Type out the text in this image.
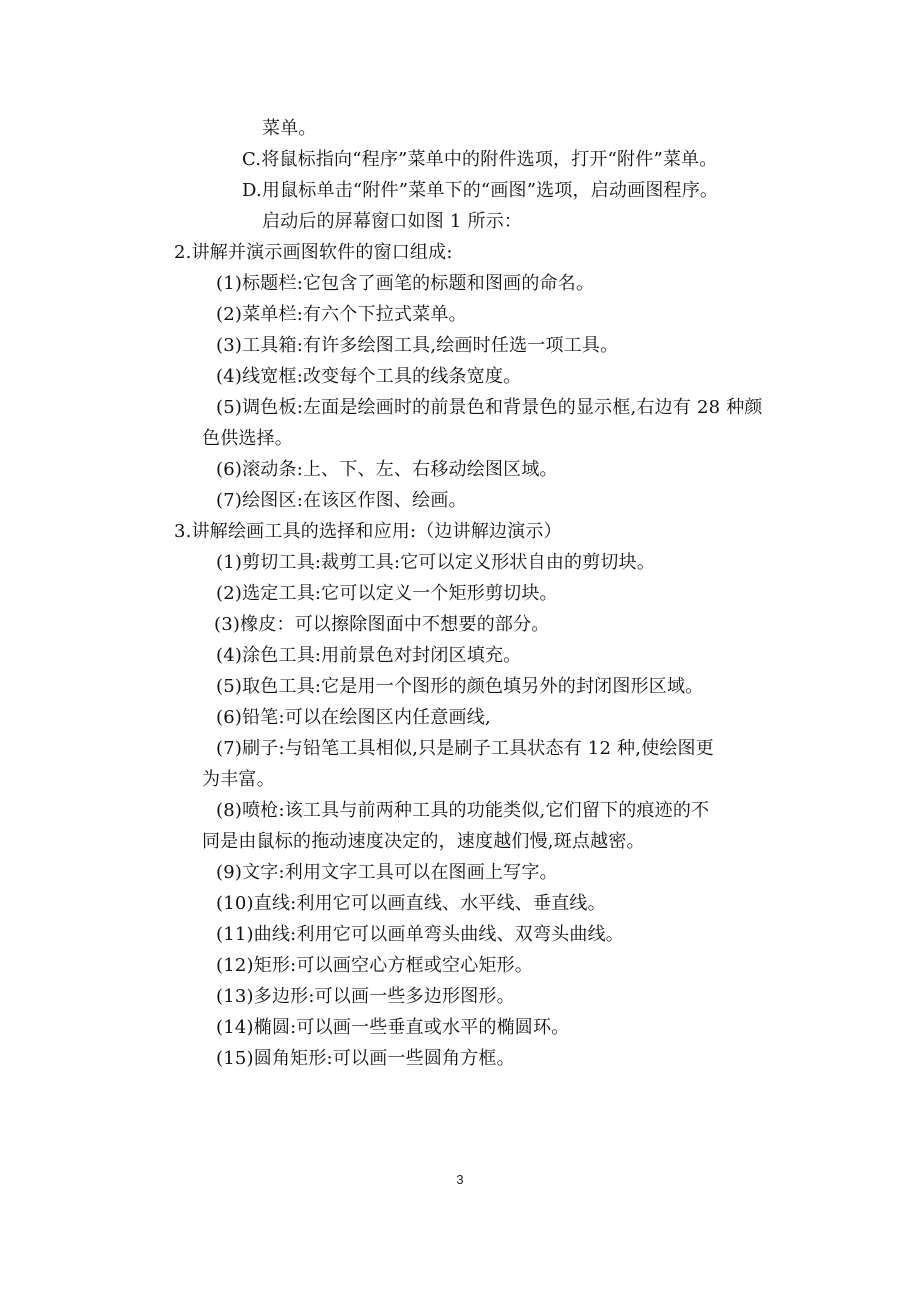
菜单。
C.将鼠标指向“程序”菜单中的附件选项，打开“附件”菜单。
D.用鼠标单击“附件”菜单下的“画图”选项，启动画图程序。
启动后的屏幕窗口如图 1 所示：
2.讲解并演示画图软件的窗口组成:
(1)标题栏:它包含了画笔的标题和图画的命名。
(2)菜单栏:有六个下拉式菜单。
(3)工具箱:有许多绘图工具,绘画时任选一项工具。
(4)线宽框:改变每个工具的线条宽度。
(5)调色板:左面是绘画时的前景色和背景色的显示框,右边有 28 种颜
色供选择。
(6)滚动条:上、下、左、右移动绘图区域。
(7)绘图区:在该区作图、绘画。
3.讲解绘画工具的选择和应用:（边讲解边演示）
(1)剪切工具:裁剪工具:它可以定义形状自由的剪切块。
(2)选定工具:它可以定义一个矩形剪切块。
(3)橡皮：可以擦除图面中不想要的部分。
(4)涂色工具:用前景色对封闭区填充。
(5)取色工具:它是用一个图形的颜色填另外的封闭图形区域。
(6)铅笔:可以在绘图区内任意画线,
(7)刷子:与铅笔工具相似,只是刷子工具状态有 12 种,使绘图更
为丰富。
(8)喷枪:该工具与前两种工具的功能类似,它们留下的痕迹的不
同是由鼠标的拖动速度决定的，速度越们慢,斑点越密。
(9)文字:利用文字工具可以在图画上写字。
(10)直线:利用它可以画直线、水平线、垂直线。
(11)曲线:利用它可以画单弯头曲线、双弯头曲线。
(12)矩形:可以画空心方框或空心矩形。
(13)多边形:可以画一些多边形图形。
(14)椭圆:可以画一些垂直或水平的椭圆环。
(15)圆角矩形:可以画一些圆角方框。
3
